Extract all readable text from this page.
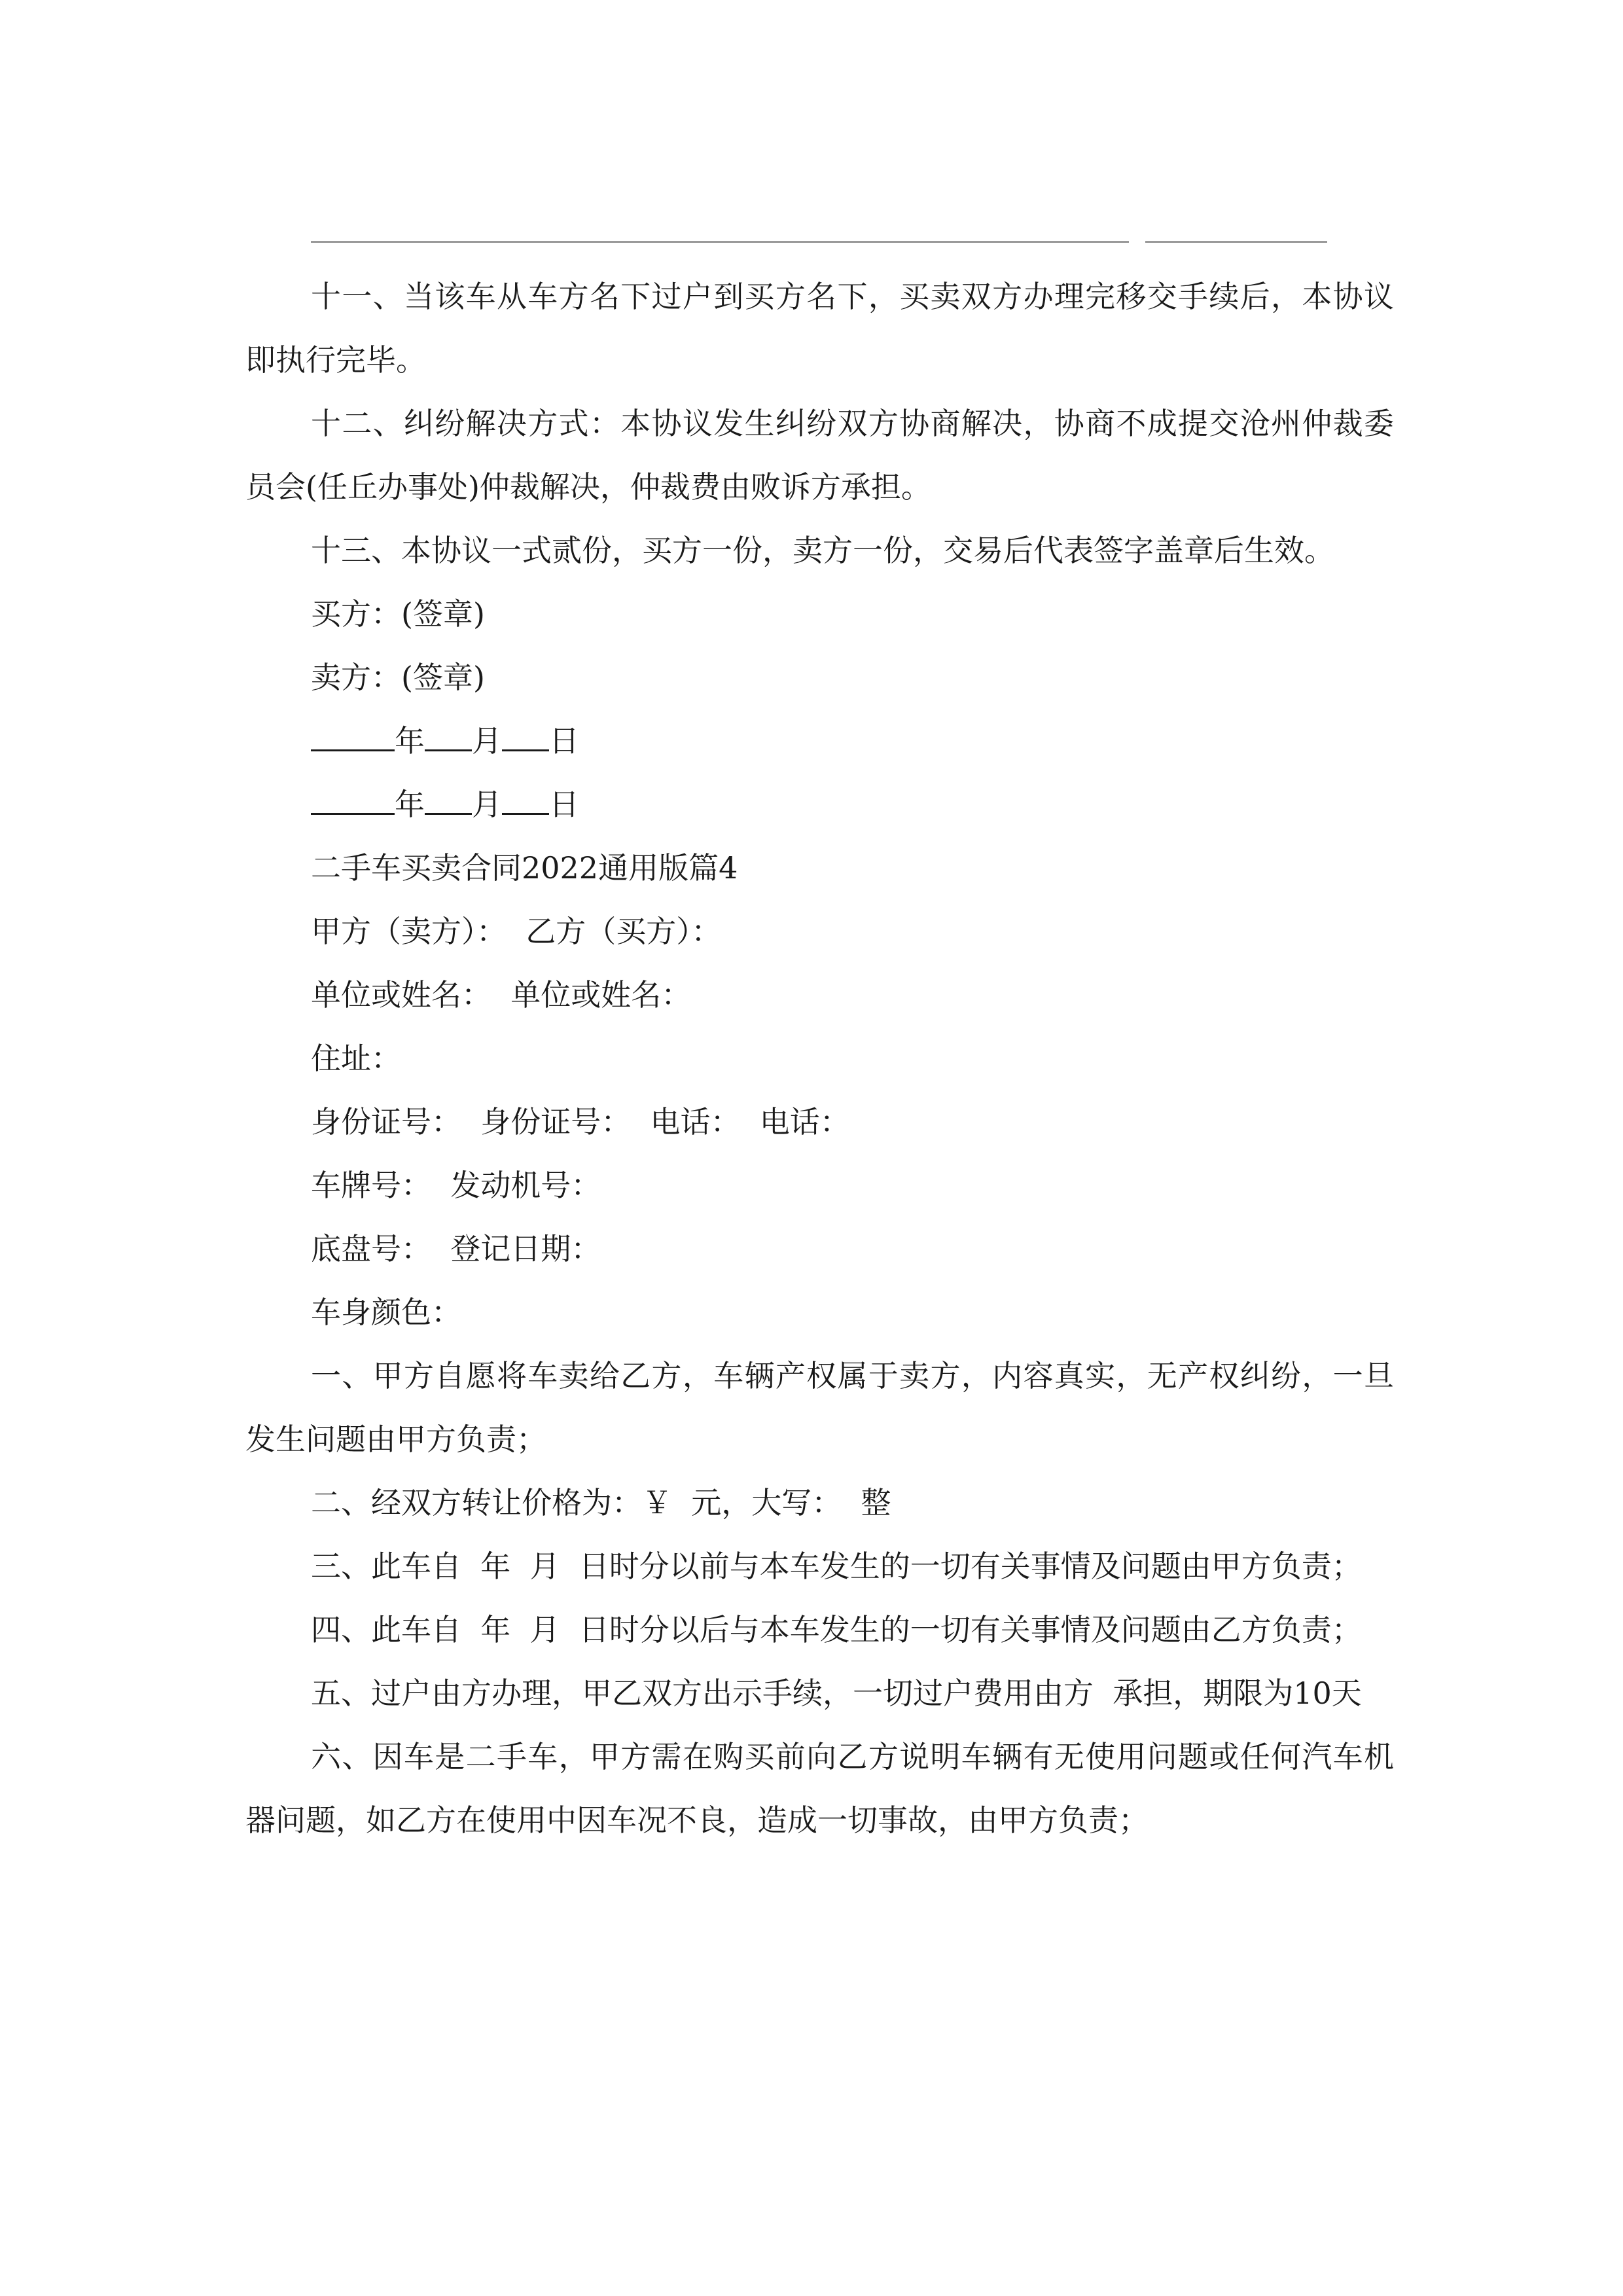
十一、当该车从车方名下过户到买方名下，买卖双方办理完移交手续后，本协议即执行完毕。

十二、纠纷解决方式：本协议发生纠纷双方协商解决，协商不成提交沧州仲裁委员会(任丘办事处)仲裁解决，仲裁费由败诉方承担。

十三、本协议一式贰份，买方一份，卖方一份，交易后代表签字盖章后生效。

买方：(签章)

卖方：(签章)

年 月 日

年 月 日

二手车买卖合同2022通用版篇4

甲方（卖方）：  乙方（买方）：

单位或姓名：  单位或姓名：

住址：

身份证号：  身份证号：  电话：  电话：

车牌号：  发动机号：

底盘号：  登记日期：

车身颜色：

一、甲方自愿将车卖给乙方，车辆产权属于卖方，内容真实，无产权纠纷，一旦发生问题由甲方负责；

二、经双方转让价格为：￥  元，大写：  整

三、此车自  年  月  日时分以前与本车发生的一切有关事情及问题由甲方负责；

四、此车自  年  月  日时分以后与本车发生的一切有关事情及问题由乙方负责；

五、过户由方办理，甲乙双方出示手续，一切过户费用由方  承担，期限为10天

六、因车是二手车，甲方需在购买前向乙方说明车辆有无使用问题或任何汽车机器问题，如乙方在使用中因车况不良，造成一切事故，由甲方负责；
